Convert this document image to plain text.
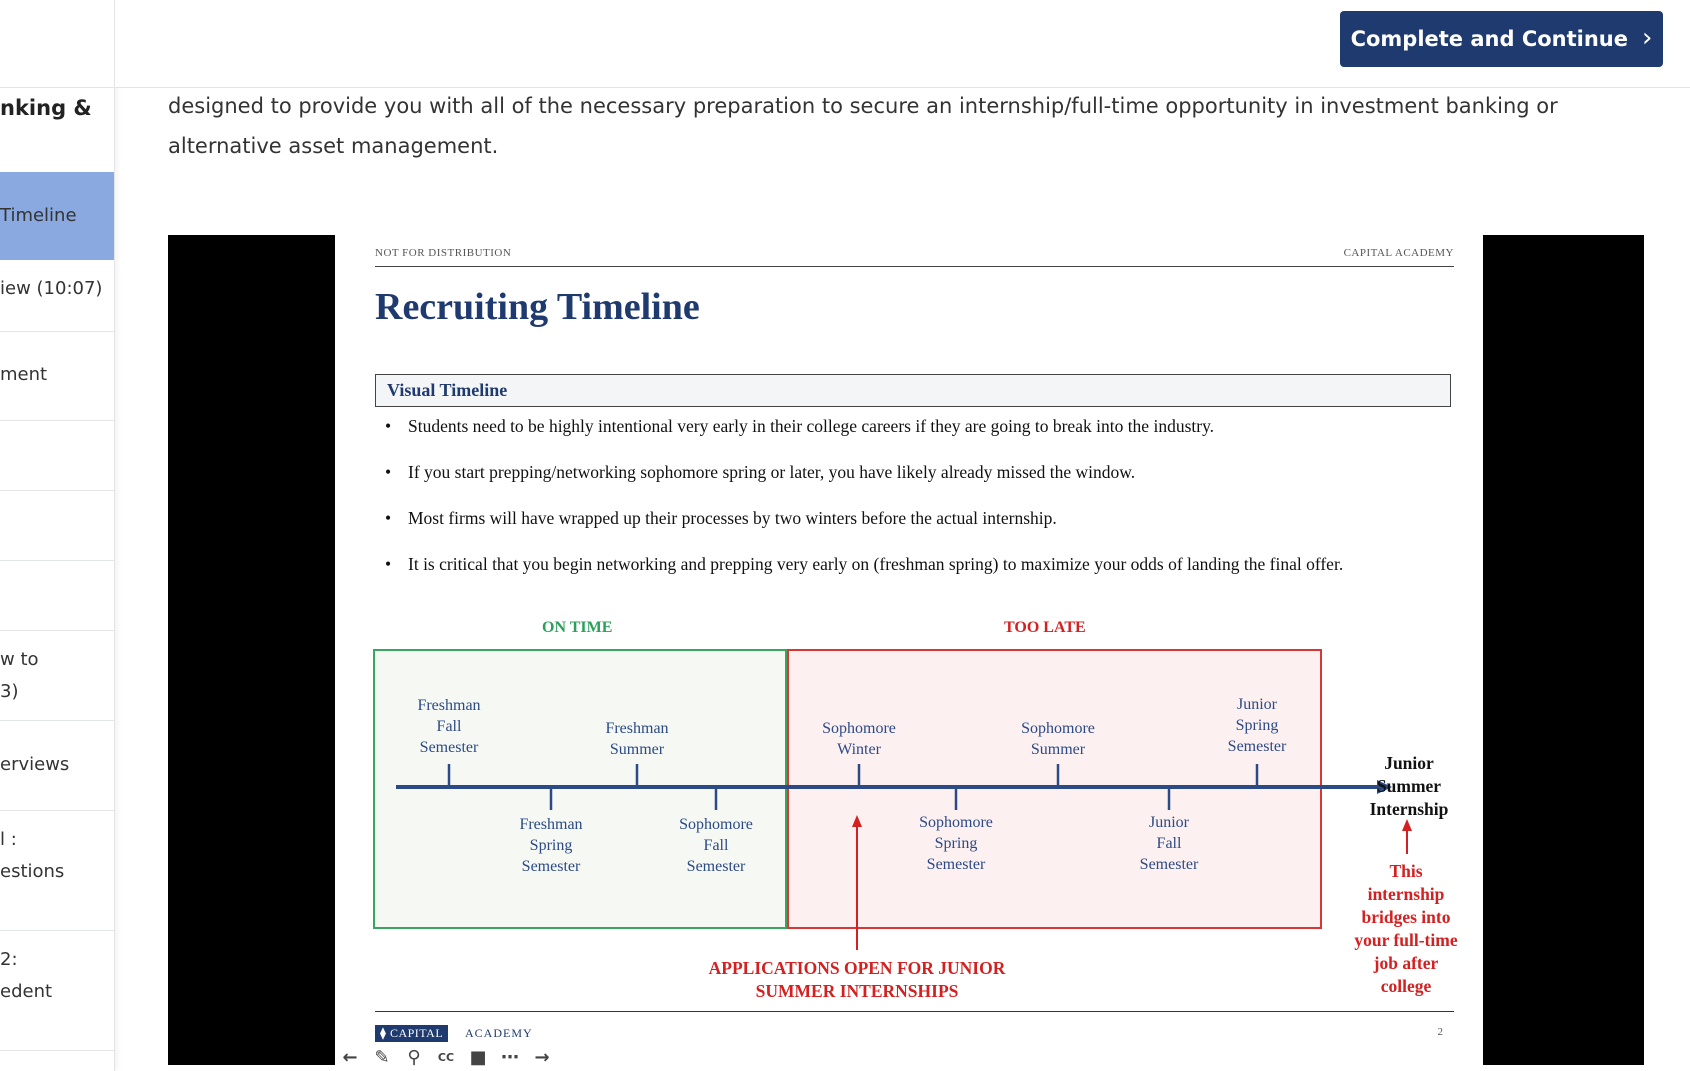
nking &
Timeline
iew (10:07)
ment
w to
3)
erviews
l :
estions
2:
edent
Complete and Continue ›
designed to provide you with all of the necessary preparation to secure an internship/full-time opportunity in investment banking or alternative asset management.
NOT FOR DISTRIBUTION	CAPITAL ACADEMY
Recruiting Timeline
Visual Timeline
• Students need to be highly intentional very early in their college careers if they are going to break into the industry.
• If you start prepping/networking sophomore spring or later, you have likely already missed the window.
• Most firms will have wrapped up their processes by two winters before the actual internship.
• It is critical that you begin networking and prepping very early on (freshman spring) to maximize your odds of landing the final offer.
ON TIME	TOO LATE
Freshman
Fall
Semester
Freshman
Summer
Sophomore
Winter
Sophomore
Summer
Junior
Spring
Semester
Freshman
Spring
Semester
Sophomore
Fall
Semester
Sophomore
Spring
Semester
Junior
Fall
Semester
Junior
Summer
Internship
APPLICATIONS OPEN FOR JUNIOR
SUMMER INTERNSHIPS
This
internship
bridges into
your full-time
job after
college
⧫ CAPITAL	ACADEMY	2
← ✎ ⚲	CC ■ ⋯ →
